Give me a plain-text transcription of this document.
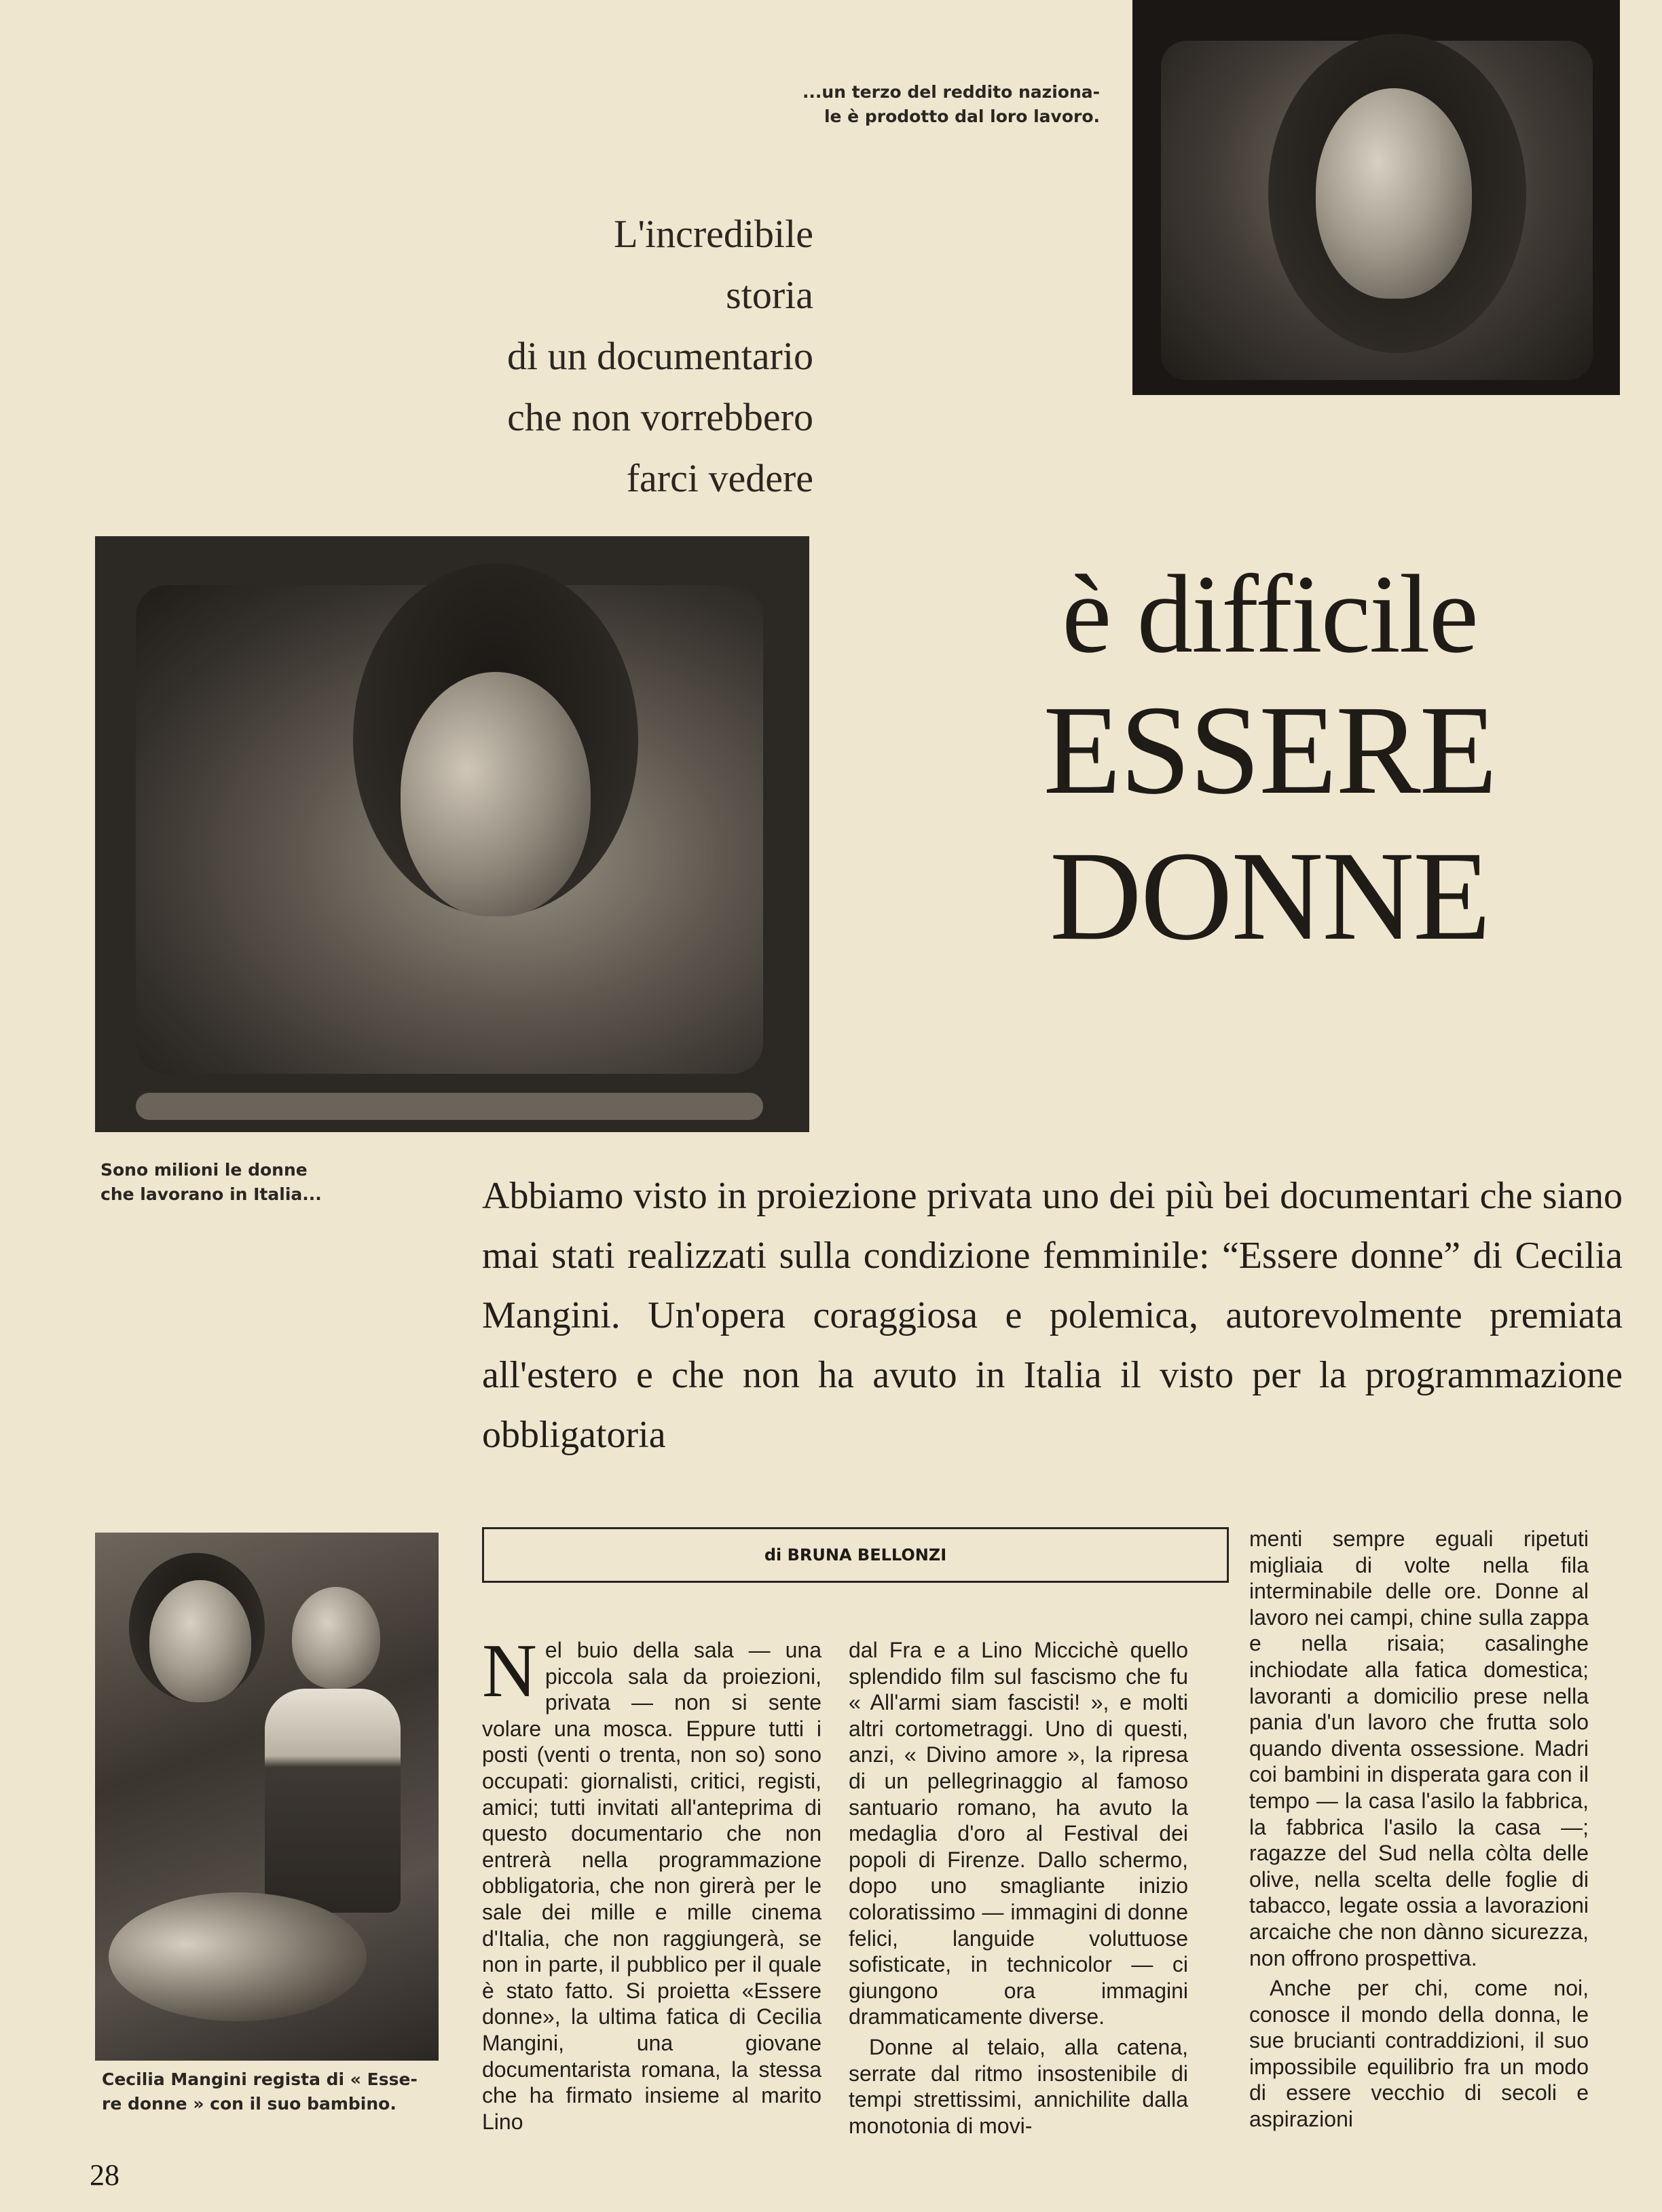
...un terzo del reddito naziona-
le è prodotto dal loro lavoro.
L'incredibile
storia
di un documentario
che non vorrebbero
farci vedere
è difficile
ESSERE
DONNE
Sono milioni le donne
che lavorano in Italia...	Abbiamo visto in proiezione privata uno dei più bei documentari che siano mai stati realizzati sulla condizione femminile: “Essere donne” di Cecilia Mangini. Un'opera coraggiosa e polemica, autorevolmente premiata all'estero e che non ha avuto in Italia il visto per la programmazione obbligatoria
Cecilia Mangini regista di « Esse-
re donne » con il suo bambino.
di BRUNA BELLONZI

Nel buio della sala — una piccola sala da proiezioni, privata — non si sente volare una mosca. Eppure tutti i posti (venti o trenta, non so) sono occupati: giornalisti, critici, registi, amici; tutti invitati all'anteprima di questo documentario che non entrerà nella programmazione obbligatoria, che non girerà per le sale dei mille e mille cinema d'Italia, che non raggiungerà, se non in parte, il pubblico per il quale è stato fatto. Si proietta «Essere donne», la ultima fatica di Cecilia Mangini, una giovane documentarista romana, la stessa che ha firmato insieme al marito Lino

dal Fra e a Lino Miccichè quello splendido film sul fascismo che fu « All'armi siam fascisti! », e molti altri cortometraggi. Uno di questi, anzi, « Divino amore », la ripresa di un pellegrinaggio al famoso santuario romano, ha avuto la medaglia d'oro al Festival dei popoli di Firenze. Dallo schermo, dopo uno smagliante inizio coloratissimo — immagini di donne felici, languide voluttuose sofisticate, in technicolor — ci giungono ora immagini drammaticamente diverse.

Donne al telaio, alla catena, serrate dal ritmo insostenibile di tempi strettissimi, annichilite dalla monotonia di movi-

menti sempre eguali ripetuti migliaia di volte nella fila interminabile delle ore. Donne al lavoro nei campi, chine sulla zappa e nella risaia; casalinghe inchiodate alla fatica domestica; lavoranti a domicilio prese nella pania d'un lavoro che frutta solo quando diventa ossessione. Madri coi bambini in disperata gara con il tempo — la casa l'asilo la fabbrica, la fabbrica l'asilo la casa —; ragazze del Sud nella còlta delle olive, nella scelta delle foglie di tabacco, legate ossia a lavorazioni arcaiche che non dànno sicurezza, non offrono prospettiva.

Anche per chi, come noi, conosce il mondo della donna, le sue brucianti contraddizioni, il suo impossibile equilibrio fra un modo di essere vecchio di secoli e aspirazioni

28
